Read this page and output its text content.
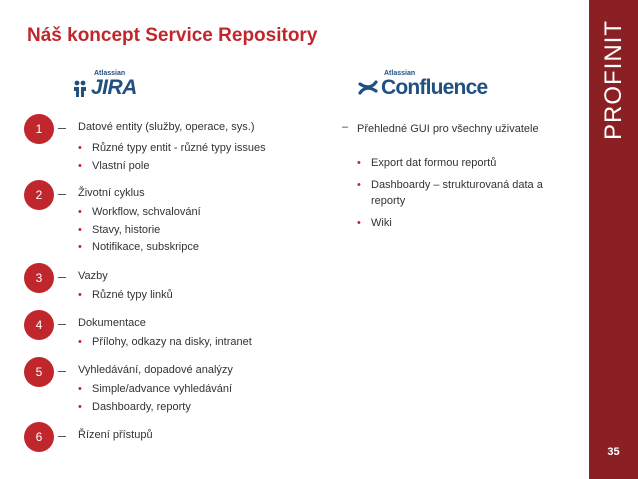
Náš koncept Service Repository	PROFINIT
35
Atlassian
JIRA
Atlassian
Confluence
1	Datové entity (služby, operace, sys.)
• Různé typy entit - různé typy issues
• Vlastní pole
2	Životní cyklus
• Workflow, schvalování
• Stavy, historie
• Notifikace, subskripce
3	Vazby
• Různé typy linků
4	Dokumentace
• Přílohy, odkazy na disky, intranet
5	Vyhledávání, dopadové analýzy
• Simple/advance vyhledávání
• Dashboardy, reporty
6	Řízení přístupů
– Přehledné GUI pro všechny uživatele
• Export dat formou reportů
• Dashboardy – strukturovaná data a reporty
• Wiki
